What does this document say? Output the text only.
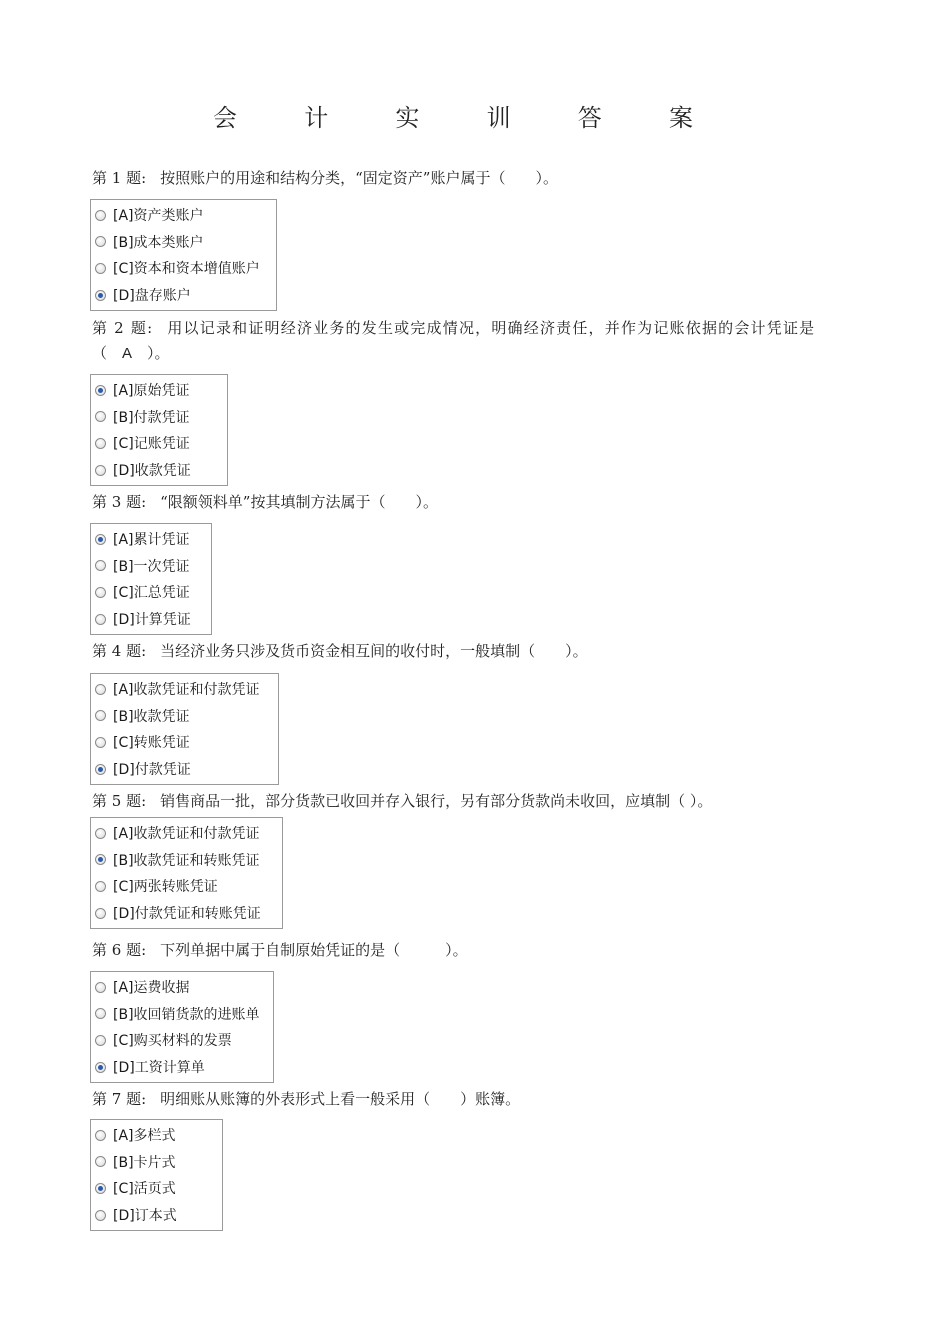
会	计	实	训	答	案
第 1 题: 按照账户的用途和结构分类，“固定资产”账户属于（　　）。
[A]资产类账户
[B]成本类账户
[C]资本和资本增值账户
[D]盘存账户
第 2 题: 用以记录和证明经济业务的发生或完成情况，明确经济责任，并作为记账依据的会计凭证是
（　A　）。
[A]原始凭证
[B]付款凭证
[C]记账凭证
[D]收款凭证
第 3 题: “限额领料单”按其填制方法属于（　　）。
[A]累计凭证
[B]一次凭证
[C]汇总凭证
[D]计算凭证
第 4 题: 当经济业务只涉及货币资金相互间的收付时，一般填制（　　）。
[A]收款凭证和付款凭证
[B]收款凭证
[C]转账凭证
[D]付款凭证
第 5 题: 销售商品一批，部分货款已收回并存入银行，另有部分货款尚未收回，应填制（ ）。
[A]收款凭证和付款凭证
[B]收款凭证和转账凭证
[C]两张转账凭证
[D]付款凭证和转账凭证
第 6 题: 下列单据中属于自制原始凭证的是（　　　）。
[A]运费收据
[B]收回销货款的进账单
[C]购买材料的发票
[D]工资计算单
第 7 题: 明细账从账簿的外表形式上看一般采用（　　）账簿。
[A]多栏式
[B]卡片式
[C]活页式
[D]订本式
